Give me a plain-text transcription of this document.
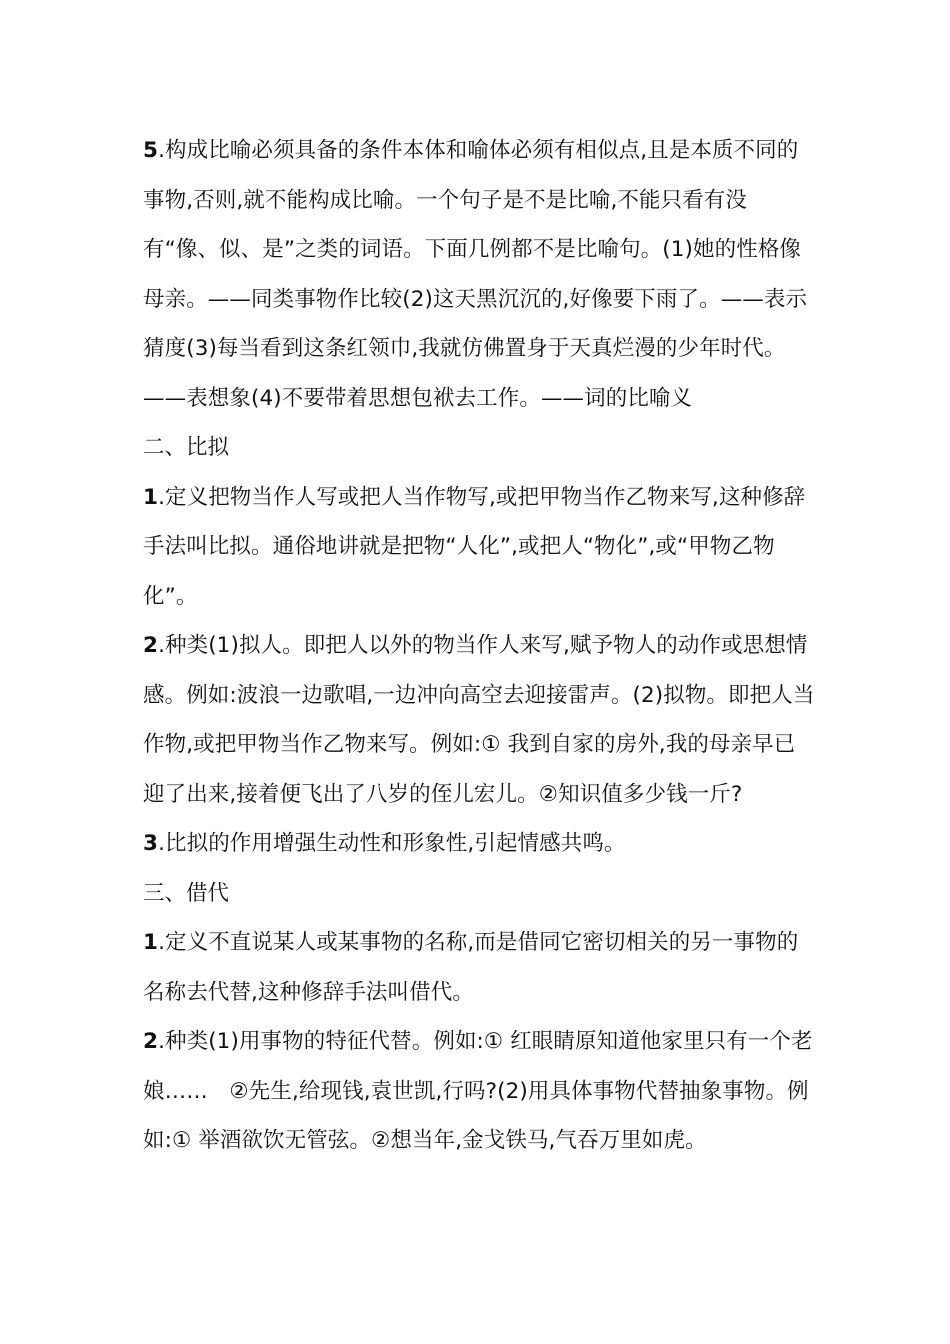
5.构成比喻必须具备的条件本体和喻体必须有相似点,且是本质不同的事物,否则,就不能构成比喻。一个句子是不是比喻,不能只看有没有“像、似、是”之类的词语。下面几例都不是比喻句。(1)她的性格像母亲。——同类事物作比较(2)这天黑沉沉的,好像要下雨了。——表示猜度(3)每当看到这条红领巾,我就仿佛置身于天真烂漫的少年时代。——表想象(4)不要带着思想包袱去工作。——词的比喻义

二、比拟

1.定义把物当作人写或把人当作物写,或把甲物当作乙物来写,这种修辞手法叫比拟。通俗地讲就是把物“人化”,或把人“物化”,或“甲物乙物化”。

2.种类(1)拟人。即把人以外的物当作人来写,赋予物人的动作或思想情感。例如:波浪一边歌唱,一边冲向高空去迎接雷声。(2)拟物。即把人当作物,或把甲物当作乙物来写。例如:① 我到自家的房外,我的母亲早已迎了出来,接着便飞出了八岁的侄儿宏儿。②知识值多少钱一斤?

3.比拟的作用增强生动性和形象性,引起情感共鸣。

三、借代

1.定义不直说某人或某事物的名称,而是借同它密切相关的另一事物的名称去代替,这种修辞手法叫借代。

2.种类(1)用事物的特征代替。例如:① 红眼睛原知道他家里只有一个老娘……　②先生,给现钱,袁世凯,行吗?(2)用具体事物代替抽象事物。例如:① 举酒欲饮无管弦。②想当年,金戈铁马,气吞万里如虎。
